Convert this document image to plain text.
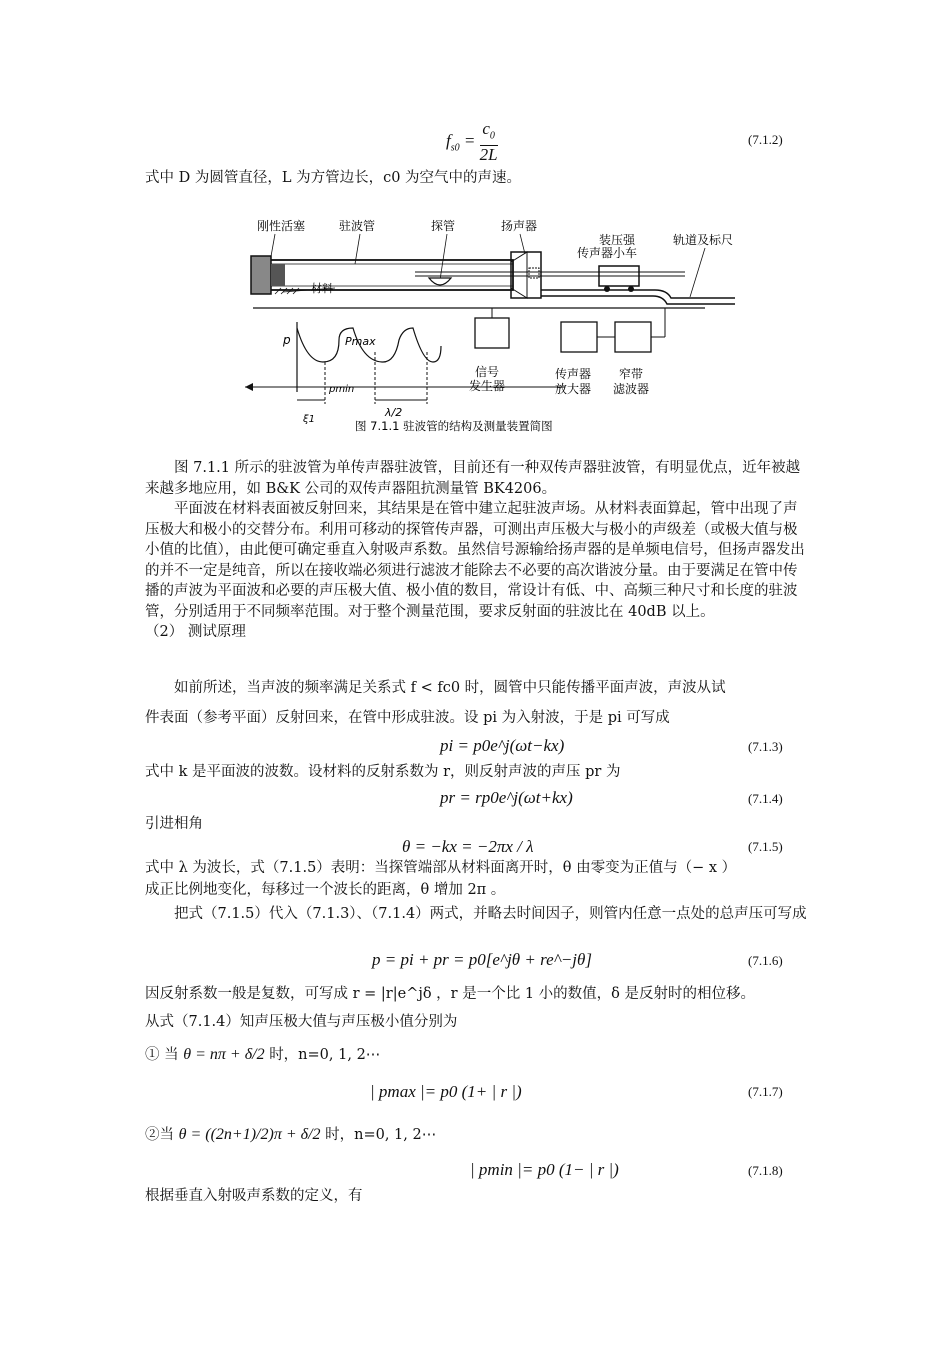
$f_{s0} = \frac{c_0}{2L}$	(7.1.2)
式中 D 为圆管直径，L 为方管边长，c0 为空气中的声速。
刚性活塞	驻波管	探管	扬声器
装压强
传声器小车
轨道及标尺
材料
p	Pmax
pmin
ξ1
λ/2
信号
发生器
传声器
放大器
窄带
滤波器
图 7.1.1 驻波管的结构及测量装置简图

图 7.1.1 所示的驻波管为单传声器驻波管，目前还有一种双传声器驻波管，有明显优点，近年被越来越多地应用，如 B&K 公司的双传声器阻抗测量管 BK4206。

平面波在材料表面被反射回来，其结果是在管中建立起驻波声场。从材料表面算起，管中出现了声压极大和极小的交替分布。利用可移动的探管传声器，可测出声压极大与极小的声级差（或极大值与极小值的比值），由此便可确定垂直入射吸声系数。虽然信号源输给扬声器的是单频电信号，但扬声器发出的并不一定是纯音，所以在接收端必须进行滤波才能除去不必要的高次谐波分量。由于要满足在管中传播的声波为平面波和必要的声压极大值、极小值的数目，常设计有低、中、高频三种尺寸和长度的驻波管，分别适用于不同频率范围。对于整个测量范围，要求反射面的驻波比在 40dB 以上。

（2） 测试原理

如前所述，当声波的频率满足关系式 f < fc0 时，圆管中只能传播平面声波，声波从试
件表面（参考平面）反射回来，在管中形成驻波。设 pi 为入射波，于是 pi 可写成
pi = p0e^j(ωt−kx)	(7.1.3)
式中 k 是平面波的波数。设材料的反射系数为 r，则反射声波的声压 pr 为
pr = rp0e^j(ωt+kx)	(7.1.4)
引进相角
θ = −kx = −2πx / λ	(7.1.5)
式中 λ 为波长，式（7.1.5）表明：当探管端部从材料面离开时，θ 由零变为正值与（− x ）
成正比例地变化，每移过一个波长的距离，θ 增加 2π 。

把式（7.1.5）代入（7.1.3）、（7.1.4）两式，并略去时间因子，则管内任意一点处的总声压可写成

p = pi + pr = p0[e^jθ + re^−jθ]	(7.1.6)
因反射系数一般是复数，可写成 r = |r|e^jδ ，r 是一个比 1 小的数值，δ 是反射时的相位移。
从式（7.1.4）知声压极大值与声压极小值分别为
① 当 θ = nπ + δ/2 时，n=0, 1, 2⋯
| pmax |= p0 (1+ | r |)	(7.1.7)
②当 θ = ((2n+1)/2)π + δ/2 时，n=0, 1, 2⋯
| pmin |= p0 (1− | r |)	(7.1.8)
根据垂直入射吸声系数的定义，有
